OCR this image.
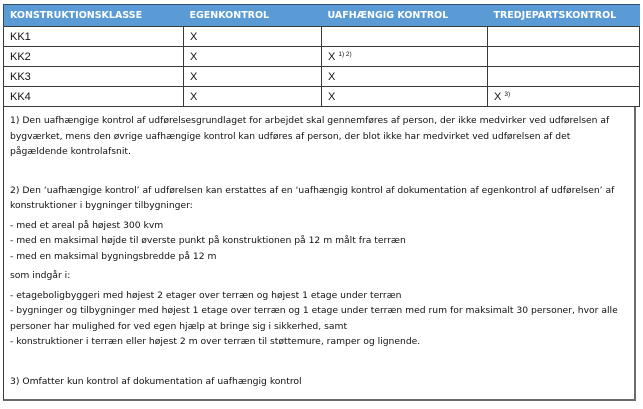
KONSTRUKTIONSKLASSE	EGENKONTROL	UAFHÆNGIG KONTROL	TREDJEPARTSKONTROL
KK1	X		
KK2	X	X $^{1) 2)}$	
KK3	X	X	
KK4	X	X	X $^{3)}$

1) Den uafhængige kontrol af udførelsesgrundlaget for arbejdet skal gennemføres af person, der ikke medvirker ved udførelsen af bygværket, mens den øvrige uafhængige kontrol kan udføres af person, der blot ikke har medvirket ved udførelsen af det pågældende kontrolafsnit.

2) Den ‘uafhængige kontrol’ af udførelsen kan erstattes af en ‘uafhængig kontrol af dokumentation af egenkontrol af udførelsen’ af konstruktioner i bygninger tilbygninger:

- med et areal på højest 300 kvm

- med en maksimal højde til øverste punkt på konstruktionen på 12 m målt fra terræn

- med en maksimal bygningsbredde på 12 m

som indgår i:

- etageboligbyggeri med højest 2 etager over terræn og højest 1 etage under terræn

- bygninger og tilbygninger med højest 1 etage over terræn og 1 etage under terræn med rum for maksimalt 30 personer, hvor alle personer har mulighed for ved egen hjælp at bringe sig i sikkerhed, samt

- konstruktioner i terræn eller højest 2 m over terræn til støttemure, ramper og lignende.

3) Omfatter kun kontrol af dokumentation af uafhængig kontrol
